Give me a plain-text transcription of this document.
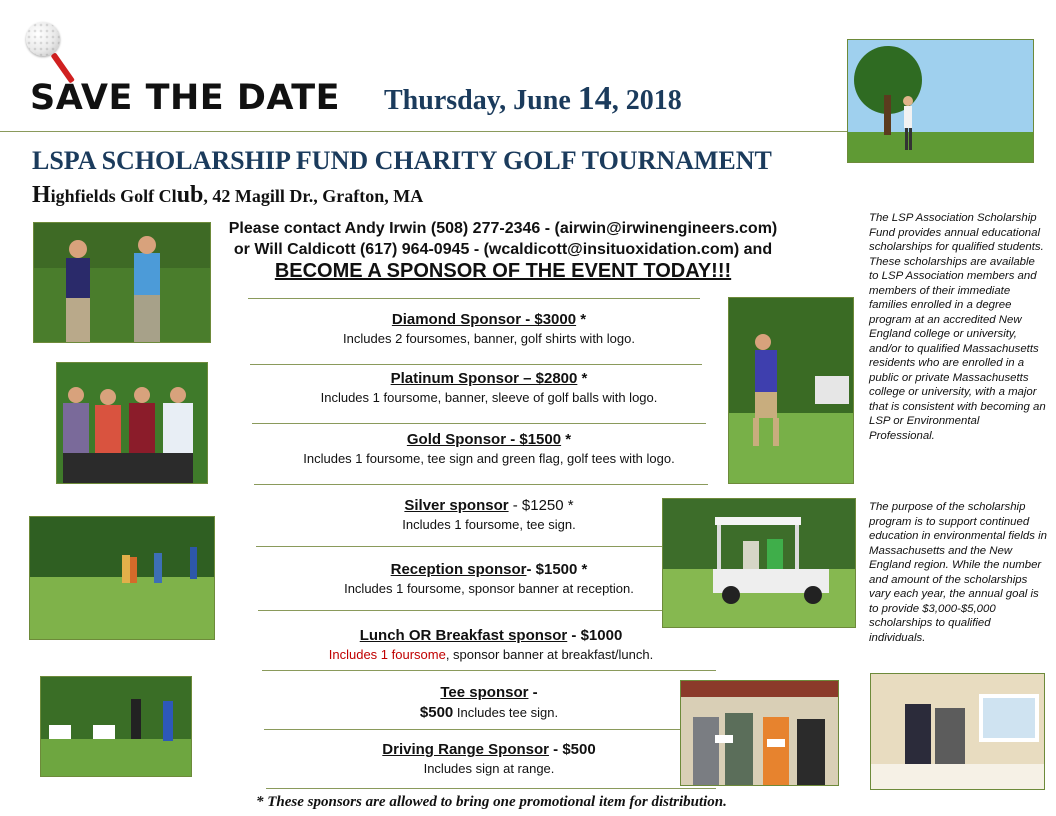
SAVE THE DATE Thursday, June 14, 2018
LSPA SCHOLARSHIP FUND CHARITY GOLF TOURNAMENT
Highfields Golf Club, 42 Magill Dr., Grafton, MA
Please contact Andy Irwin (508) 277-2346 - (airwin@irwinengineers.com)
or Will Caldicott (617) 964-0945 - (wcaldicott@insituoxidation.com) and
BECOME A SPONSOR OF THE EVENT TODAY!!!
Diamond Sponsor - $3000 *
Includes 2 foursomes, banner, golf shirts with logo.
Platinum Sponsor – $2800 *
Includes 1 foursome, banner, sleeve of golf balls with logo.
Gold Sponsor - $1500 *
Includes 1 foursome, tee sign and green flag, golf tees with logo.
Silver sponsor - $1250 *
Includes 1 foursome, tee sign.
Reception sponsor- $1500 *
Includes 1 foursome, sponsor banner at reception.
Lunch OR Breakfast sponsor - $1000
Includes 1 foursome, sponsor banner at breakfast/lunch.
Tee sponsor -
$500 Includes tee sign.
Driving Range Sponsor - $500
Includes sign at range.
* These sponsors are allowed to bring one promotional item for distribution.
The LSP Association Scholarship Fund provides annual educational scholarships for qualified students. These scholarships are available to LSP Association members and members of their immediate families enrolled in a degree program at an accredited New England college or university, and/or to qualified Massachusetts residents who are enrolled in a public or private Massachusetts college or university, with a major that is consistent with becoming an LSP or Environmental Professional.
The purpose of the scholarship program is to support continued education in environmental fields in Massachusetts and the New England region. While the number and amount of the scholarships vary each year, the annual goal is to provide $3,000-$5,000 scholarships to qualified individuals.
